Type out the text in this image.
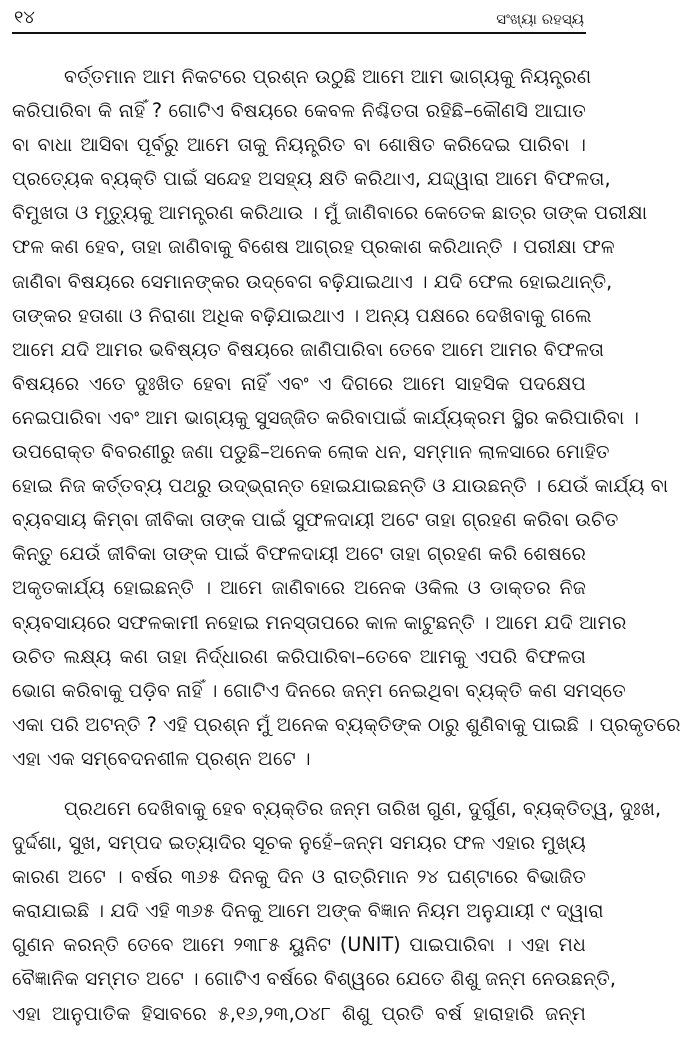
୧୪	ସଂଖ୍ୟା ରହସ୍ୟ

ବର୍ତ୍ତମାନ ଆମ ନିକଟରେ ପ୍ରଶ୍ନ ଉଠୁଛି ଆମେ ଆମ ଭାଗ୍ୟକୁ ନିୟନ୍ତ୍ରଣ
କରିପାରିବା କି ନାହିଁ ? ଗୋଟିଏ ବିଷୟରେ କେବଳ ନିଶ୍ଚିତତା ରହିଛି–କୌଣସି ଆଘାତ
ବା ବାଧା ଆସିବା ପୂର୍ବରୁ ଆମେ ତାକୁ ନିୟନ୍ତ୍ରିତ ବା ଶୋଷିତ କରିଦେଇ ପାରିବା ।
ପ୍ରତ୍ୟେକ ବ୍ୟକ୍ତି ପାଇଁ ସନ୍ଦେହ ଅସହ୍ୟ କ୍ଷତି କରିଥାଏ, ଯଦ୍ଦ୍ୱାରା ଆମେ ବିଫଳତା,
ବିମୁଖତା ଓ ମୃତ୍ୟୁକୁ ଆମନ୍ତ୍ରଣ କରିଥାଉ । ମୁଁ ଜାଣିବାରେ କେତେକ ଛାତ୍ର ତାଙ୍କ ପରୀକ୍ଷା
ଫଳ କଣ ହେବ, ତାହା ଜାଣିବାକୁ ବିଶେଷ ଆଗ୍ରହ ପ୍ରକାଶ କରିଥାନ୍ତି । ପରୀକ୍ଷା ଫଳ
ଜାଣିବା ବିଷୟରେ ସେମାନଙ୍କର ଉଦ୍‌ବେଗ ବଢ଼ିଯାଇଥାଏ । ଯଦି ଫେଲ ହୋଇଥାନ୍ତି,
ତାଙ୍କର ହତାଶା ଓ ନିରାଶା ଅଧିକ ବଢ଼ିଯାଇଥାଏ । ଅନ୍ୟ ପକ୍ଷରେ ଦେଖିବାକୁ ଗଲେ
ଆମେ ଯଦି ଆମର ଭବିଷ୍ୟତ ବିଷୟରେ ଜାଣିପାରିବା ତେବେ ଆମେ ଆମର ବିଫଳତା
ବିଷୟରେ ଏତେ ଦୁଃଖିତ ହେବା ନାହିଁ ଏବଂ ଏ ଦିଗରେ ଆମେ ସାହସିକ ପଦକ୍ଷେପ
ନେଇପାରିବା ଏବଂ ଆମ ଭାଗ୍ୟକୁ ସୁସଜ୍ଜିତ କରିବାପାଇଁ କାର୍ଯ୍ୟକ୍ରମ ସ୍ଥିର କରିପାରିବା ।
ଉପରୋକ୍ତ ବିବରଣୀରୁ ଜଣା ପଡୁଛି–ଅନେକ ଲୋକ ଧନ, ସମ୍ମାନ ଲାଳସାରେ ମୋହିତ
ହୋଇ ନିଜ କର୍ତ୍ତବ୍ୟ ପଥରୁ ଉଦ୍‌ଭ୍ରାନ୍ତ ହୋଇଯାଇଛନ୍ତି ଓ ଯାଉଛନ୍ତି । ଯେଉଁ କାର୍ଯ୍ୟ ବା
ବ୍ୟବସାୟ କିମ୍ବା ଜୀବିକା ତାଙ୍କ ପାଇଁ ସୁଫଳଦାୟୀ ଅଟେ ତାହା ଗ୍ରହଣ କରିବା ଉଚିତ
କିନ୍ତୁ ଯେଉଁ ଜୀବିକା ତାଙ୍କ ପାଇଁ ବିଫଳଦାୟୀ ଅଟେ ତାହା ଗ୍ରହଣ କରି ଶେଷରେ
ଅକୃତକାର୍ଯ୍ୟ ହୋଇଛନ୍ତି । ଆମେ ଜାଣିବାରେ ଅନେକ ଓକିଲ ଓ ଡାକ୍ତର ନିଜ
ବ୍ୟବସାୟରେ ସଫଳକାମୀ ନହୋଇ ମନସ୍ତାପରେ କାଳ କାଟୁଛନ୍ତି । ଆମେ ଯଦି ଆମର
ଉଚିତ ଲକ୍ଷ୍ୟ କଣ ତାହା ନିର୍ଦ୍ଧାରଣ କରିପାରିବା–ତେବେ ଆମକୁ ଏପରି ବିଫଳତା
ଭୋଗ କରିବାକୁ ପଡ଼ିବ ନାହିଁ । ଗୋଟିଏ ଦିନରେ ଜନ୍ମ ନେଇଥିବା ବ୍ୟକ୍ତି କଣ ସମସ୍ତେ
ଏକା ପରି ଅଟନ୍ତି ? ଏହି ପ୍ରଶ୍ନ ମୁଁ ଅନେକ ବ୍ୟକ୍ତିଙ୍କ ଠାରୁ ଶୁଣିବାକୁ ପାଇଛି । ପ୍ରକୃତରେ
ଏହା ଏକ ସମ୍ବେଦନଶୀଳ ପ୍ରଶ୍ନ ଅଟେ ।

ପ୍ରଥମେ ଦେଖିବାକୁ ହେବ ବ୍ୟକ୍ତିର ଜନ୍ମ ତାରିଖ ଗୁଣ, ଦୁର୍ଗୁଣ, ବ୍ୟକ୍ତିତ୍ୱ, ଦୁଃଖ,
ଦୁର୍ଦ୍ଦଶା, ସୁଖ, ସମ୍ପଦ ଇତ୍ୟାଦିର ସୂଚକ ନୁହେଁ–ଜନ୍ମ ସମୟର ଫଳ ଏହାର ମୁଖ୍ୟ
କାରଣ ଅଟେ । ବର୍ଷର ୩୬୫ ଦିନକୁ ଦିନ ଓ ରାତ୍ରିମାନ ୨୪ ଘଣ୍ଟାରେ ବିଭାଜିତ
କରାଯାଇଛି । ଯଦି ଏହି ୩୬୫ ଦିନକୁ ଆମେ ଅଙ୍କ ବିଜ୍ଞାନ ନିୟମ ଅନୁଯାୟୀ ୯ ଦ୍ୱାରା
ଗୁଣନ କରନ୍ତି ତେବେ ଆମେ ୨୩୮୫ ୟୁନିଟ (UNIT) ପାଇପାରିବା । ଏହା ମଧ
ବୈଜ୍ଞାନିକ ସମ୍ମତ ଅଟେ । ଗୋଟିଏ ବର୍ଷରେ ବିଶ୍ୱରେ ଯେତେ ଶିଶୁ ଜନ୍ମ ନେଉଛନ୍ତି,
ଏହା ଆନୁପାତିକ ହିସାବରେ ୫,୧୬,୨୩,୦୪୮ ଶିଶୁ ପ୍ରତି ବର୍ଷ ହାରାହାରି ଜନ୍ମ
